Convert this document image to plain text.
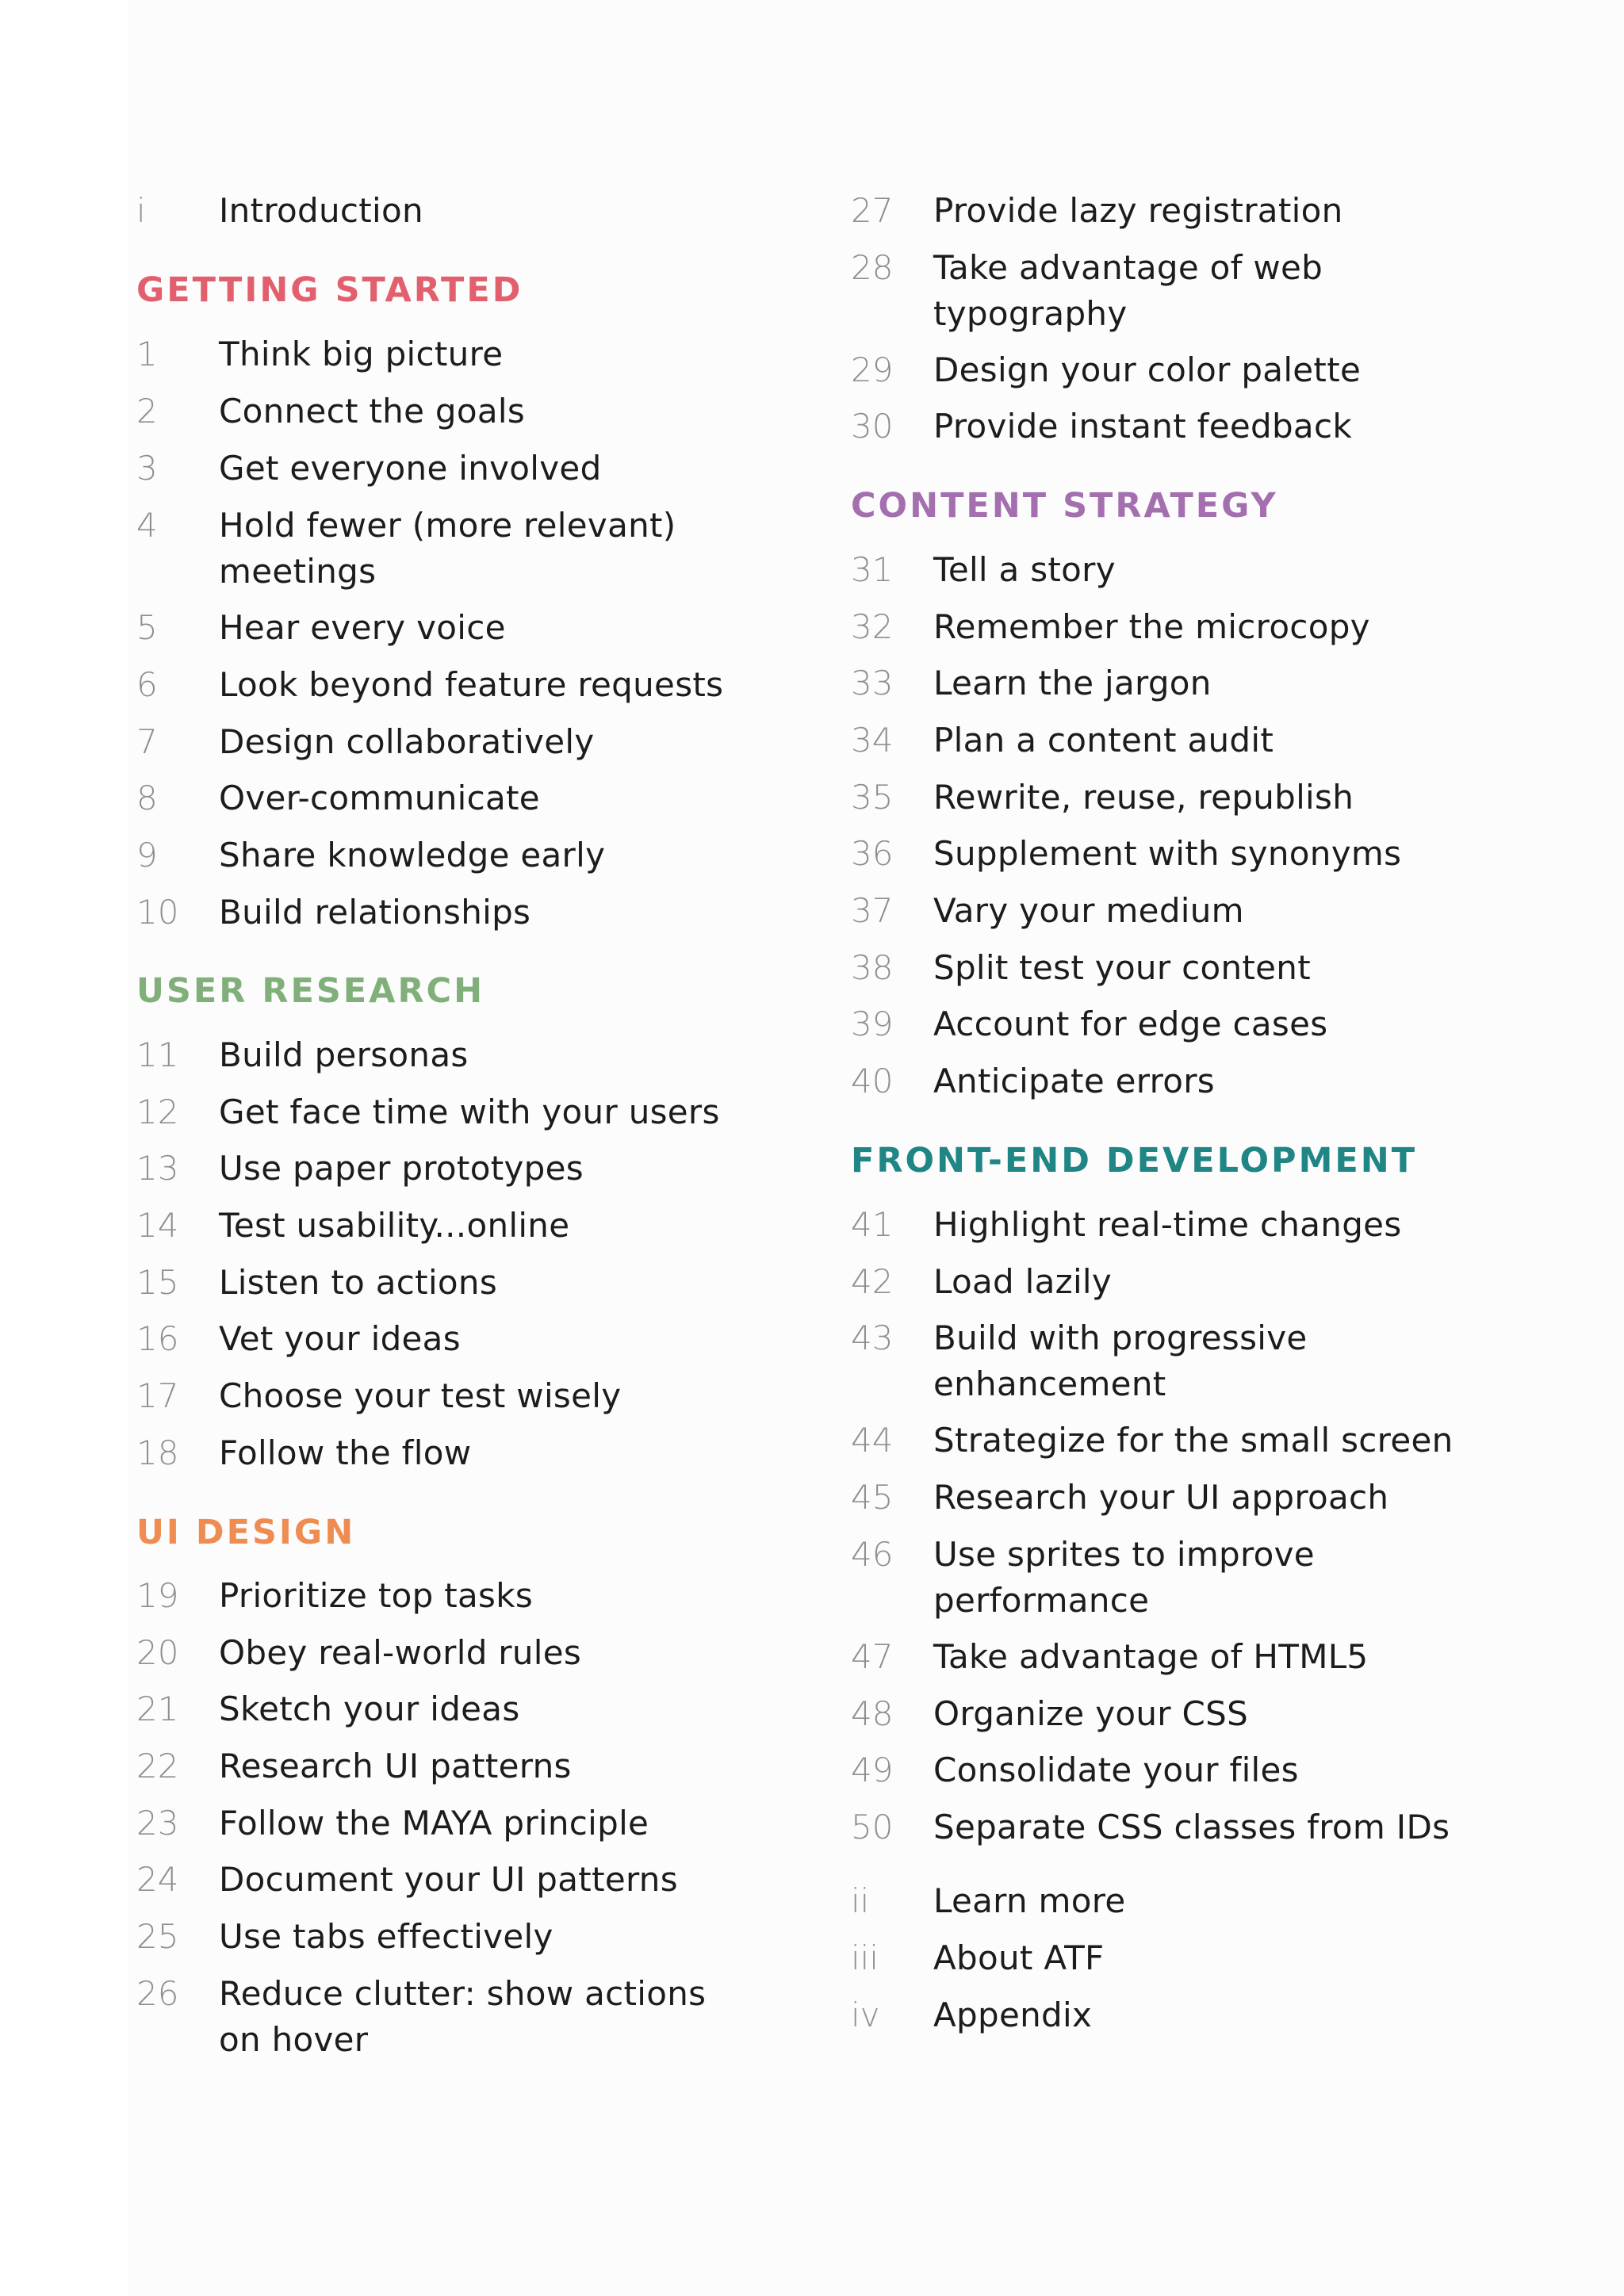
i Introduction
GETTING STARTED
1 Think big picture
2 Connect the goals
3 Get everyone involved
4 Hold fewer (more relevant) meetings
5 Hear every voice
6 Look beyond feature requests
7 Design collaboratively
8 Over-communicate
9 Share knowledge early
10 Build relationships
USER RESEARCH
11 Build personas
12 Get face time with your users
13 Use paper prototypes
14 Test usability...online
15 Listen to actions
16 Vet your ideas
17 Choose your test wisely
18 Follow the flow
UI DESIGN
19 Prioritize top tasks
20 Obey real-world rules
21 Sketch your ideas
22 Research UI patterns
23 Follow the MAYA principle
24 Document your UI patterns
25 Use tabs effectively
26 Reduce clutter: show actions on hover
27 Provide lazy registration
28 Take advantage of web typography
29 Design your color palette
30 Provide instant feedback
CONTENT STRATEGY
31 Tell a story
32 Remember the microcopy
33 Learn the jargon
34 Plan a content audit
35 Rewrite, reuse, republish
36 Supplement with synonyms
37 Vary your medium
38 Split test your content
39 Account for edge cases
40 Anticipate errors
FRONT-END DEVELOPMENT
41 Highlight real-time changes
42 Load lazily
43 Build with progressive enhancement
44 Strategize for the small screen
45 Research your UI approach
46 Use sprites to improve performance
47 Take advantage of HTML5
48 Organize your CSS
49 Consolidate your files
50 Separate CSS classes from IDs
ii Learn more
iii About ATF
iv Appendix
